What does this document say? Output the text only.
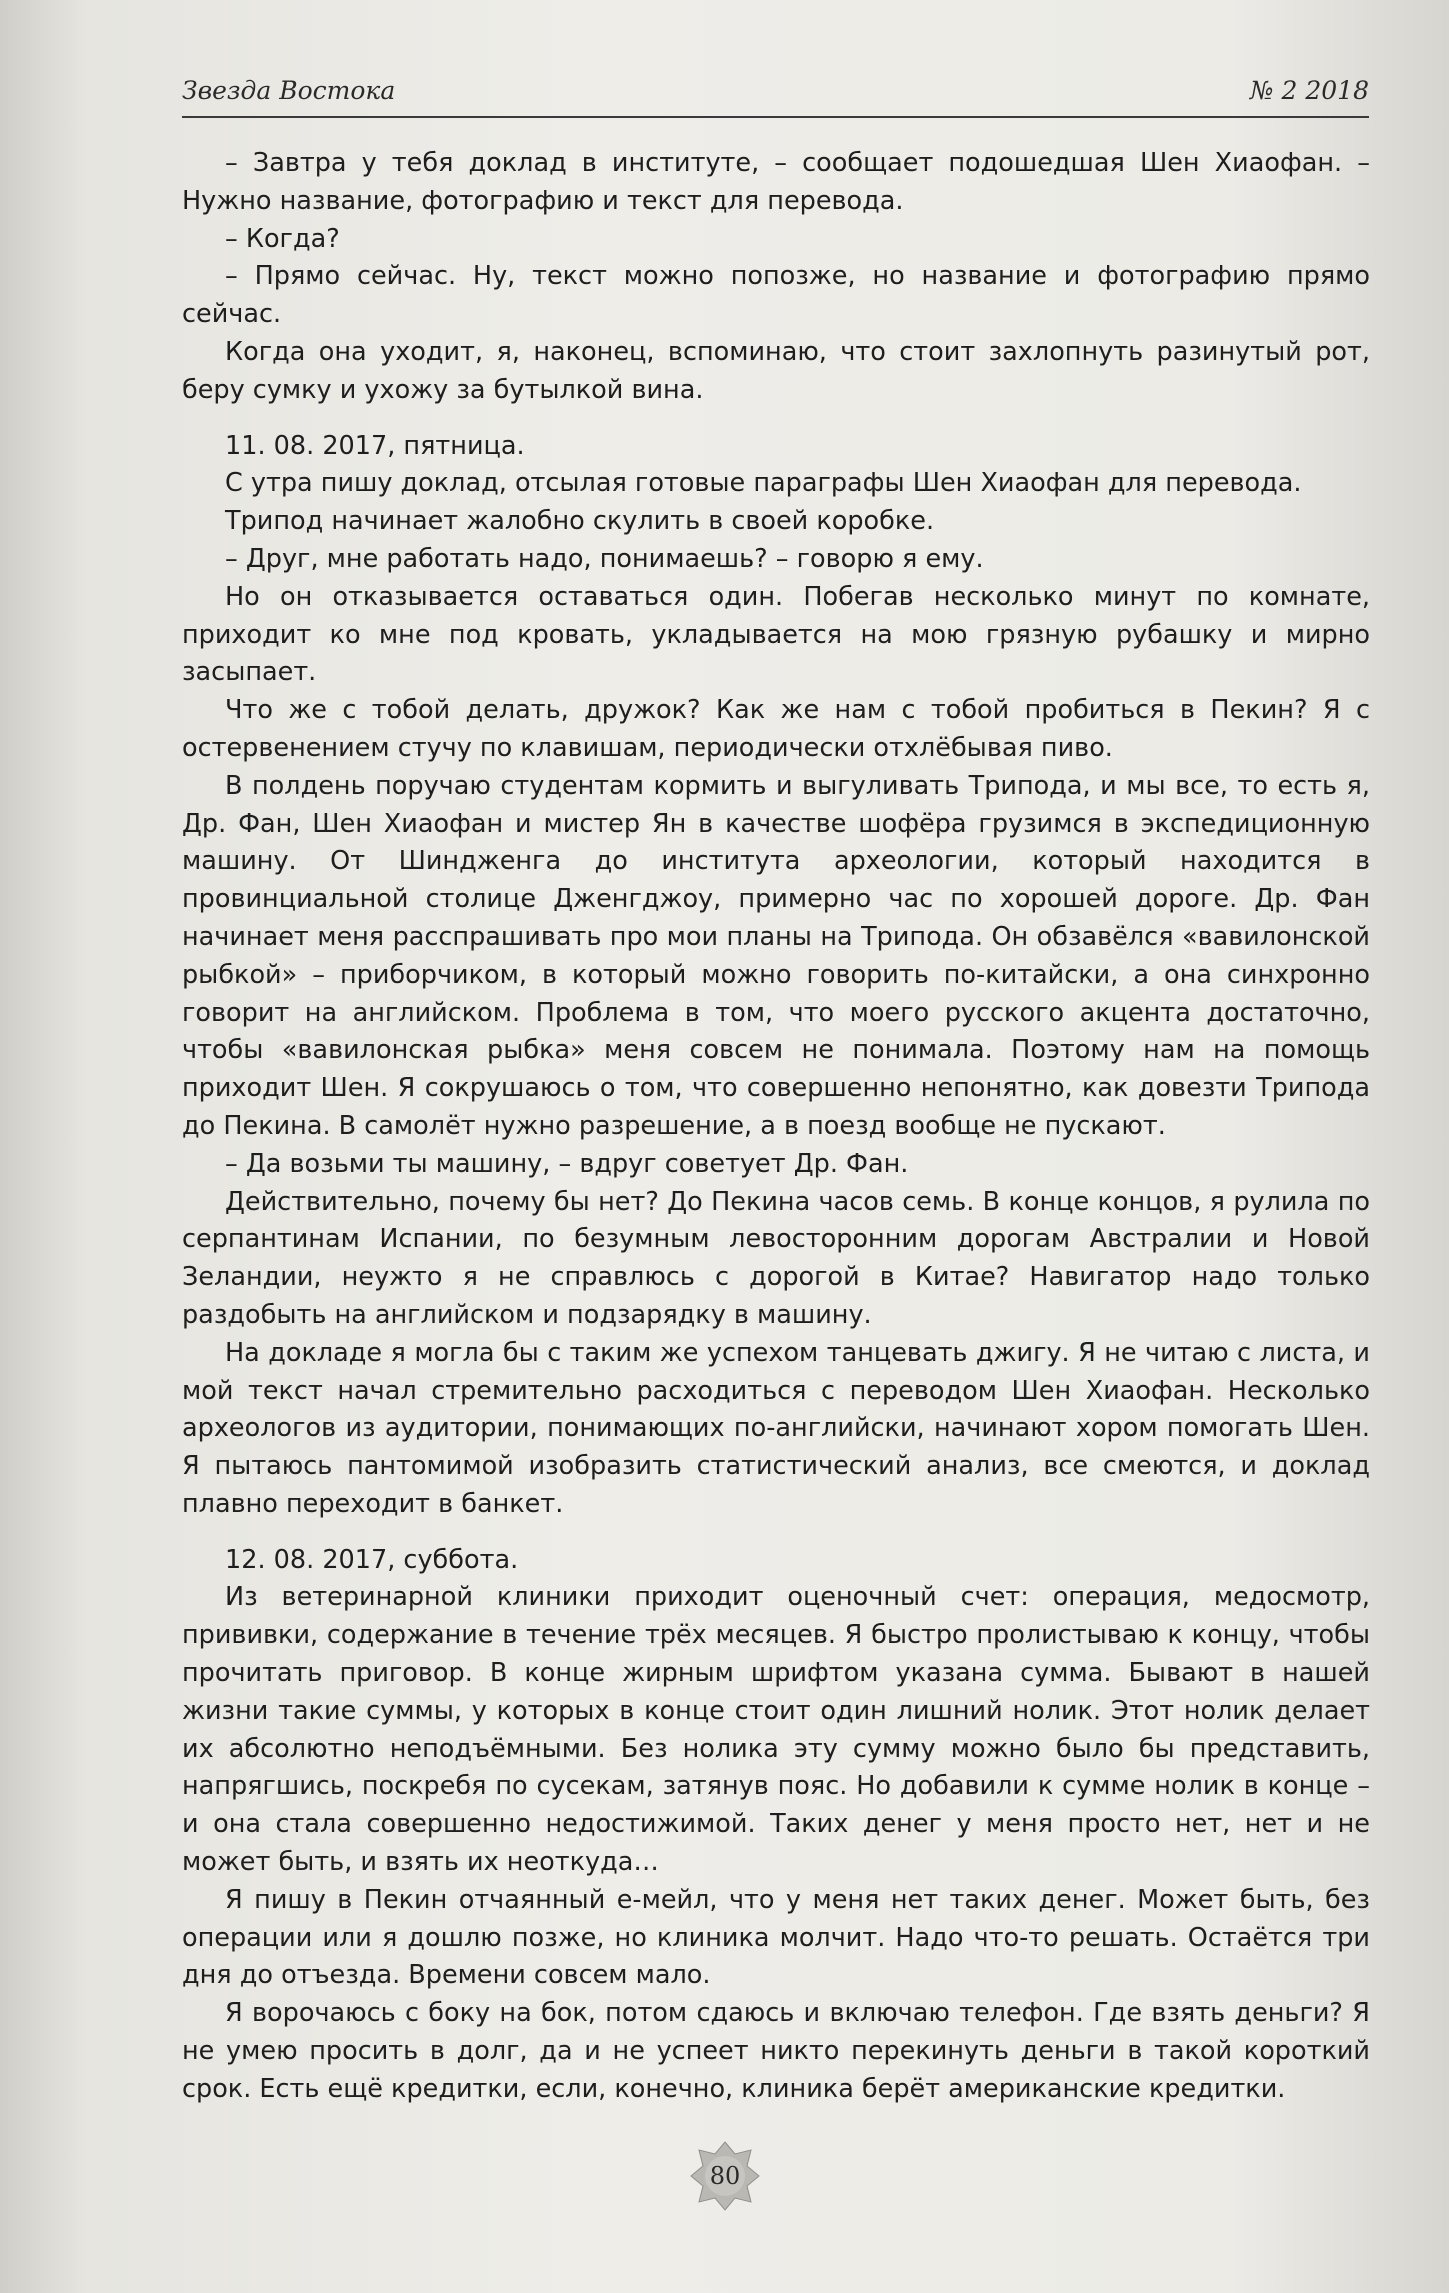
Звезда Востока	№ 2 2018

– Завтра у тебя доклад в институте, – сообщает подошедшая Шен Хиаофан. – Нужно название, фотографию и текст для перевода.

– Когда?

– Прямо сейчас. Ну, текст можно попозже, но название и фотографию прямо сейчас.

Когда она уходит, я, наконец, вспоминаю, что стоит захлопнуть разинутый рот, беру сумку и ухожу за бутылкой вина.

11. 08. 2017, пятница.

С утра пишу доклад, отсылая готовые параграфы Шен Хиаофан для перевода.

Трипод начинает жалобно скулить в своей коробке.

– Друг, мне работать надо, понимаешь? – говорю я ему.

Но он отказывается оставаться один. Побегав несколько минут по комнате, приходит ко мне под кровать, укладывается на мою грязную рубашку и мирно засыпает.

Что же с тобой делать, дружок? Как же нам с тобой пробиться в Пекин? Я с остервенением стучу по клавишам, периодически отхлёбывая пиво.

В полдень поручаю студентам кормить и выгуливать Трипода, и мы все, то есть я, Др. Фан, Шен Хиаофан и мистер Ян в качестве шофёра грузимся в экспедиционную машину. От Шиндженга до института археологии, который находится в провинциальной столице Дженгджоу, примерно час по хорошей дороге. Др. Фан начинает меня расспрашивать про мои планы на Трипода. Он обзавёлся «вавилонской рыбкой» – приборчиком, в который можно говорить по-китайски, а она синхронно говорит на английском. Проблема в том, что моего русского акцента достаточно, чтобы «вавилонская рыбка» меня совсем не понимала. Поэтому нам на помощь приходит Шен. Я сокрушаюсь о том, что совершенно непонятно, как довезти Трипода до Пекина. В самолёт нужно разрешение, а в поезд вообще не пускают.

– Да возьми ты машину, – вдруг советует Др. Фан.

Действительно, почему бы нет? До Пекина часов семь. В конце концов, я рулила по серпантинам Испании, по безумным левосторонним дорогам Австралии и Новой Зеландии, неужто я не справлюсь с дорогой в Китае? Навигатор надо только раздобыть на английском и подзарядку в машину.

На докладе я могла бы с таким же успехом танцевать джигу. Я не читаю с листа, и мой текст начал стремительно расходиться с переводом Шен Хиаофан. Несколько археологов из аудитории, понимающих по-английски, начинают хором помогать Шен. Я пытаюсь пантомимой изобразить статистический анализ, все смеются, и доклад плавно переходит в банкет.

12. 08. 2017, суббота.

Из ветеринарной клиники приходит оценочный счет: операция, медосмотр, прививки, содержание в течение трёх месяцев. Я быстро пролистываю к концу, чтобы прочитать приговор. В конце жирным шрифтом указана сумма. Бывают в нашей жизни такие суммы, у которых в конце стоит один лишний нолик. Этот нолик делает их абсолютно неподъёмными. Без нолика эту сумму можно было бы представить, напрягшись, поскребя по сусекам, затянув пояс. Но добавили к сумме нолик в конце – и она стала совершенно недостижимой. Таких денег у меня просто нет, нет и не может быть, и взять их неоткуда…

Я пишу в Пекин отчаянный е-мейл, что у меня нет таких денег. Может быть, без операции или я дошлю позже, но клиника молчит. Надо что-то решать. Остаётся три дня до отъезда. Времени совсем мало.

Я ворочаюсь с боку на бок, потом сдаюсь и включаю телефон. Где взять деньги? Я не умею просить в долг, да и не успеет никто перекинуть деньги в такой короткий срок. Есть ещё кредитки, если, конечно, клиника берёт американские кредитки.

80
